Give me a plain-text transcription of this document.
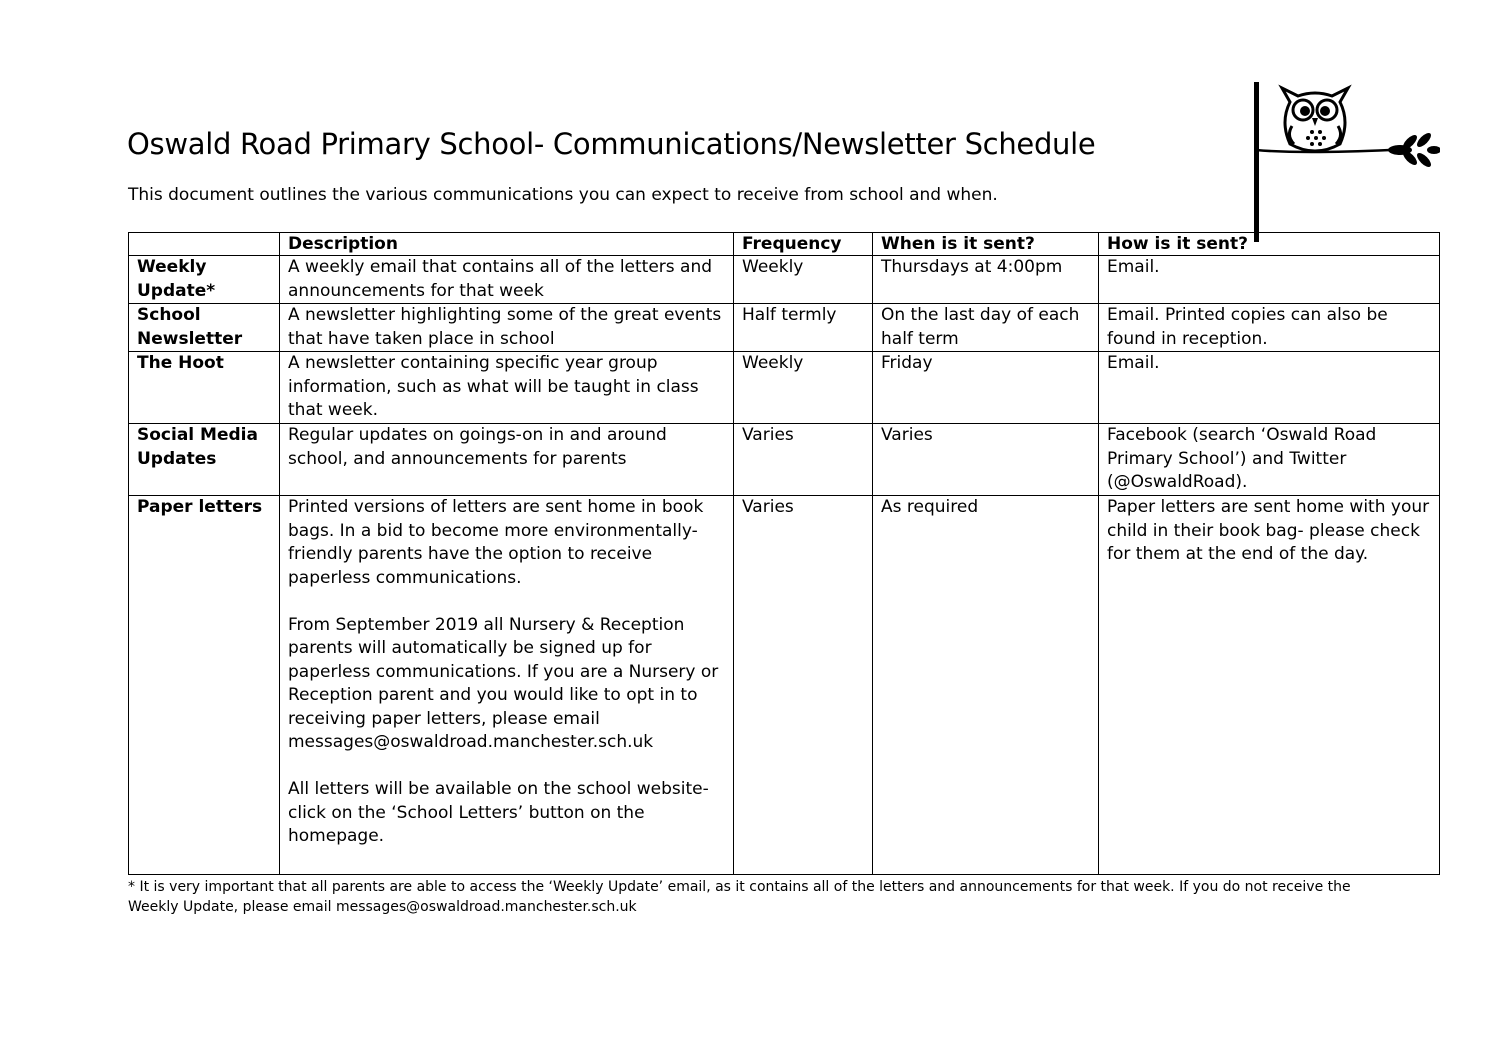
Oswald Road Primary School- Communications/Newsletter Schedule

This document outlines the various communications you can expect to receive from school and when.

	Description	Frequency	When is it sent?	How is it sent?
Weekly Update*	A weekly email that contains all of the letters and announcements for that week	Weekly	Thursdays at 4:00pm	Email.
School Newsletter	A newsletter highlighting some of the great events that have taken place in school	Half termly	On the last day of each half term	Email. Printed copies can also be found in reception.
The Hoot	A newsletter containing specific year group information, such as what will be taught in class that week.	Weekly	Friday	Email.
Social Media Updates	Regular updates on goings-on in and around school, and announcements for parents	Varies	Varies	Facebook (search ‘Oswald Road Primary School’) and Twitter (@OswaldRoad).
Paper letters	Printed versions of letters are sent home in book bags. In a bid to become more environmentally-friendly parents have the option to receive paperless communications.
From September 2019 all Nursery & Reception parents will automatically be signed up for paperless communications. If you are a Nursery or Reception parent and you would like to opt in to receiving paper letters, please email messages@oswaldroad.manchester.sch.uk
All letters will be available on the school website- click on the ‘School Letters’ button on the homepage.	Varies	As required	Paper letters are sent home with your child in their book bag- please check for them at the end of the day.

* It is very important that all parents are able to access the ‘Weekly Update’ email, as it contains all of the letters and announcements for that week. If you do not receive the Weekly Update, please email messages@oswaldroad.manchester.sch.uk
